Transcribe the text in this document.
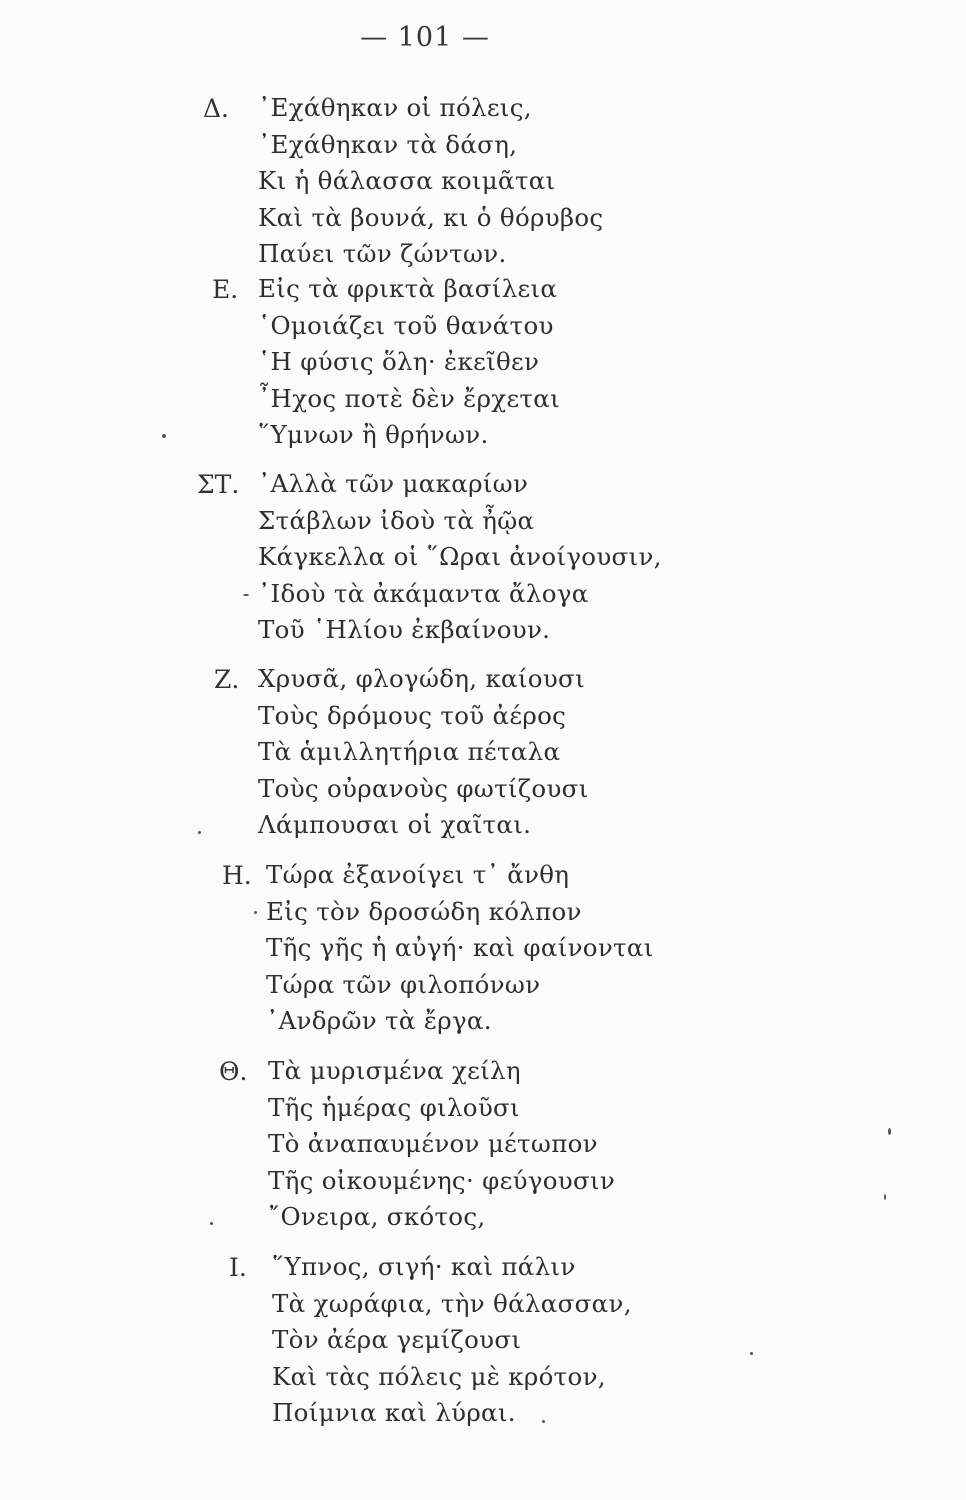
— 101 —
Δ. ᾿Εχάθηκαν οἱ πόλεις,
᾿Εχάθηκαν τὰ δάση,
Κι ἡ θάλασσα κοιμᾶται
Καὶ τὰ βουνά, κι ὁ θόρυβος
Παύει τῶν ζώντων.
Ε. Εἰς τὰ φρικτὰ βασίλεια
῾Ομοιάζει τοῦ θανάτου
῾Η φύσις ὅλη· ἐκεῖθεν
῏Ηχος ποτὲ δὲν ἔρχεται
῞Υμνων ἢ θρήνων.
ΣΤ. ᾿Αλλὰ τῶν μακαρίων
Στάβλων ἰδοὺ τὰ ἦῷα
Κάγκελλα οἱ ῞Ωραι ἀνοίγουσιν,
᾿Ιδοὺ τὰ ἀκάμαντα ἄλογα
Τοῦ ῾Ηλίου ἐκβαίνουν.
Ζ. Χρυσᾶ, φλογώδη, καίουσι
Τοὺς δρόμους τοῦ ἀέρος
Τὰ ἁμιλλητήρια πέταλα
Τοὺς οὐρανοὺς φωτίζουσι
Λάμπουσαι οἱ χαῖται.
Η. Τώρα ἐξανοίγει τ᾿ ἄνθη
Εἰς τὸν δροσώδη κόλπον
Τῆς γῆς ἡ αὐγή· καὶ φαίνονται
Τώρα τῶν φιλοπόνων
᾿Ανδρῶν τὰ ἔργα.
Θ. Τὰ μυρισμένα χείλη
Τῆς ἡμέρας φιλοῦσι
Τὸ ἀναπαυμένον μέτωπον
Τῆς οἰκουμένης· φεύγουσιν
῎Ονειρα, σκότος,
Ι. ῞Υπνος, σιγή· καὶ πάλιν
Τὰ χωράφια, τὴν θάλασσαν,
Τὸν ἀέρα γεμίζουσι
Καὶ τὰς πόλεις μὲ κρότον,
Ποίμνια καὶ λύραι.
